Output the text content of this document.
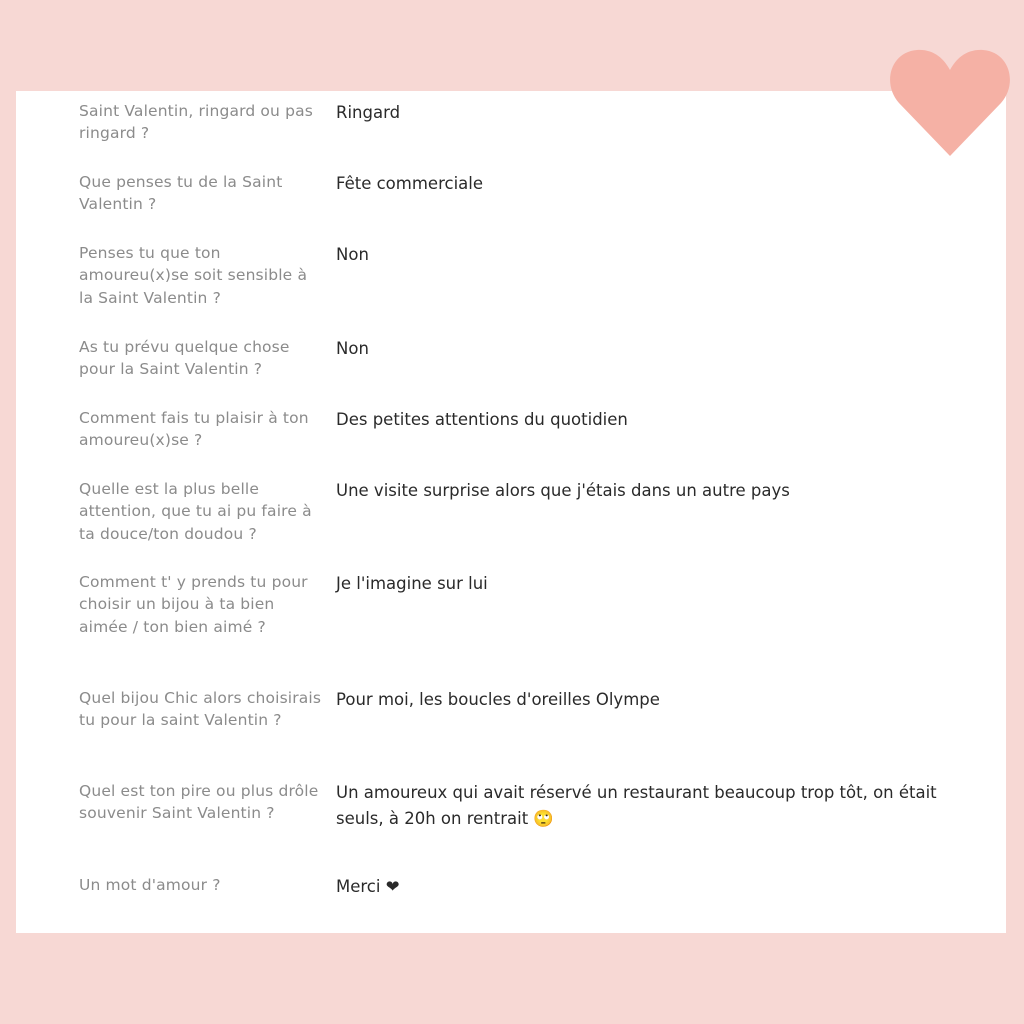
Saint Valentin, ringard ou pas ringard ?
Ringard
Que penses tu de la Saint Valentin ?
Fête commerciale
Penses tu que ton amoureu(x)se soit sensible à la Saint Valentin ?
Non
As tu prévu quelque chose pour la Saint Valentin ?
Non
Comment fais tu plaisir à ton amoureu(x)se ?
Des petites attentions du quotidien
Quelle est la plus belle attention, que tu ai pu faire à ta douce/ton doudou ?
Une visite surprise alors que j'étais dans un autre pays
Comment t' y prends tu pour choisir un bijou à ta bien aimée / ton bien aimé ?
Je l'imagine sur lui
Quel bijou Chic alors choisirais tu pour la saint Valentin ?
Pour moi, les boucles d'oreilles Olympe
Quel est ton pire ou plus drôle souvenir Saint Valentin ?
Un amoureux qui avait réservé un restaurant beaucoup trop tôt, on était seuls, à 20h on rentrait 🙄
Un mot d'amour ?	Merci ❤
